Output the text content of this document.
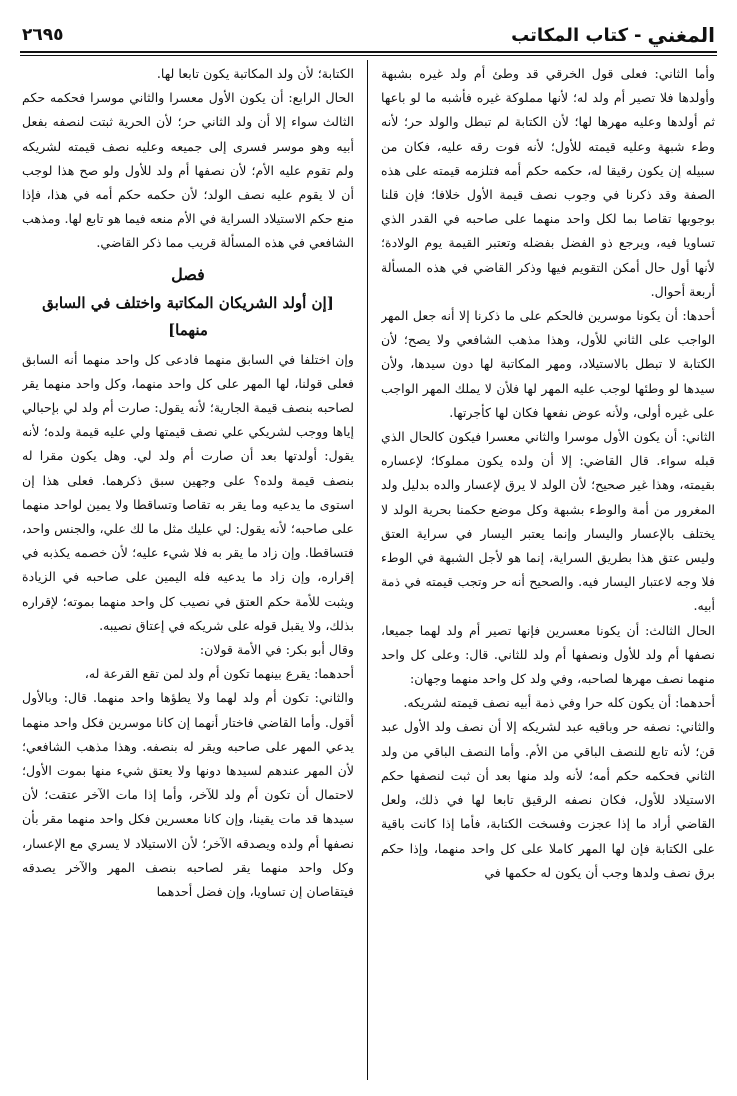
المغني
-
كتاب المكاتب
٢٦٩٥

وأما الثاني: فعلى قول الخرقي قد وطئ أم ولد غيره بشبهة وأولدها فلا تصير أم ولد له؛ لأنها مملوكة غيره فأشبه ما لو باعها ثم أولدها وعليه مهرها لها؛ لأن الكتابة لم تبطل والولد حر؛ لأنه وطء شبهة وعليه قيمته للأول؛ لأنه فوت رقه عليه، فكان من سبيله إن يكون رقيقا له، حكمه حكم أمه فتلزمه قيمته على هذه الصفة وقد ذكرنا في وجوب نصف قيمة الأول خلافا؛ فإن قلنا بوجوبها تقاصا بما لكل واحد منهما على صاحبه في القدر الذي تساويا فيه، ويرجع ذو الفضل بفضله وتعتبر القيمة يوم الولادة؛ لأنها أول حال أمكن التقويم فيها وذكر القاضي في هذه المسألة أربعة أحوال.

أحدها: أن يكونا موسرين فالحكم على ما ذكرنا إلا أنه جعل المهر الواجب على الثاني للأول، وهذا مذهب الشافعي ولا يصح؛ لأن الكتابة لا تبطل بالاستيلاد، ومهر المكاتبة لها دون سيدها، ولأن سيدها لو وطئها لوجب عليه المهر لها فلأن لا يملك المهر الواجب على غيره أولى، ولأنه عوض نفعها فكان لها كأجرتها.

الثاني: أن يكون الأول موسرا والثاني معسرا فيكون كالحال الذي قبله سواء. قال القاضي: إلا أن ولده يكون مملوكا؛ لإعساره بقيمته، وهذا غير صحيح؛ لأن الولد لا يرق لإعسار والده بدليل ولد المغرور من أمة والوطء بشبهة وكل موضع حكمنا بحرية الولد لا يختلف بالإعسار واليسار وإنما يعتبر اليسار في سراية العتق وليس عتق هذا بطريق السراية، إنما هو لأجل الشبهة في الوطء فلا وجه لاعتبار اليسار فيه. والصحيح أنه حر وتجب قيمته في ذمة أبيه.

الحال الثالث: أن يكونا معسرين فإنها تصير أم ولد لهما جميعا، نصفها أم ولد للأول ونصفها أم ولد للثاني. قال: وعلى كل واحد منهما نصف مهرها لصاحبه، وفي ولد كل واحد منهما وجهان:

أحدهما: أن يكون كله حرا وفي ذمة أبيه نصف قيمته لشريكه.

والثاني: نصفه حر وباقيه عبد لشريكه إلا أن نصف ولد الأول عبد قن؛ لأنه تابع للنصف الباقي من الأم. وأما النصف الباقي من ولد الثاني فحكمه حكم أمه؛ لأنه ولد منها بعد أن ثبت لنصفها حكم الاستيلاد للأول، فكان نصفه الرقيق تابعا لها في ذلك، ولعل القاضي أراد ما إذا عجزت وفسخت الكتابة، فأما إذا كانت باقية على الكتابة فإن لها المهر كاملا على كل واحد منهما، وإذا حكم برق نصف ولدها وجب أن يكون له حكمها في

الكتابة؛ لأن ولد المكاتبة يكون تابعا لها.

الحال الرابع: أن يكون الأول معسرا والثاني موسرا فحكمه حكم الثالث سواء إلا أن ولد الثاني حر؛ لأن الحرية ثبتت لنصفه بفعل أبيه وهو موسر فسرى إلى جميعه وعليه نصف قيمته لشريكه ولم تقوم عليه الأم؛ لأن نصفها أم ولد للأول ولو صح هذا لوجب أن لا يقوم عليه نصف الولد؛ لأن حكمه حكم أمه في هذا، فإذا منع حكم الاستيلاد السراية في الأم منعه فيما هو تابع لها. ومذهب الشافعي في هذه المسألة قريب مما ذكر القاضي.

فصل
[إن أولد الشريكان المكاتبة واختلف في السابق منهما]

وإن اختلفا في السابق منهما فادعى كل واحد منهما أنه السابق فعلى قولنا، لها المهر على كل واحد منهما، وكل واحد منهما يقر لصاحبه بنصف قيمة الجارية؛ لأنه يقول: صارت أم ولد لي بإحبالي إياها ووجب لشريكي علي نصف قيمتها ولي عليه قيمة ولده؛ لأنه يقول: أولدتها بعد أن صارت أم ولد لي. وهل يكون مقرا له بنصف قيمة ولده؟ على وجهين سبق ذكرهما. فعلى هذا إن استوى ما يدعيه وما يقر به تقاصا وتساقطا ولا يمين لواحد منهما على صاحبه؛ لأنه يقول: لي عليك مثل ما لك علي، والجنس واحد، فتساقطا. وإن زاد ما يقر به فلا شيء عليه؛ لأن خصمه يكذبه في إقراره، وإن زاد ما يدعيه فله اليمين على صاحبه في الزيادة ويثبت للأمة حكم العتق في نصيب كل واحد منهما بموته؛ لإقراره بذلك، ولا يقبل قوله على شريكه في إعتاق نصيبه.

وقال أبو بكر: في الأمة قولان:

أحدهما: يقرع بينهما تكون أم ولد لمن تقع القرعة له،

والثاني: تكون أم ولد لهما ولا يطؤها واحد منهما. قال: وبالأول أقول. وأما القاضي فاختار أنهما إن كانا موسرين فكل واحد منهما يدعي المهر على صاحبه ويقر له بنصفه. وهذا مذهب الشافعي؛ لأن المهر عندهم لسيدها دونها ولا يعتق شيء منها بموت الأول؛ لاحتمال أن تكون أم ولد للآخر، وأما إذا مات الآخر عتقت؛ لأن سيدها قد مات يقينا، وإن كانا معسرين فكل واحد منهما مقر بأن نصفها أم ولده ويصدقه الآخر؛ لأن الاستيلاد لا يسري مع الإعسار، وكل واحد منهما يقر لصاحبه بنصف المهر والآخر يصدقه فيتقاصان إن تساويا، وإن فضل أحدهما
